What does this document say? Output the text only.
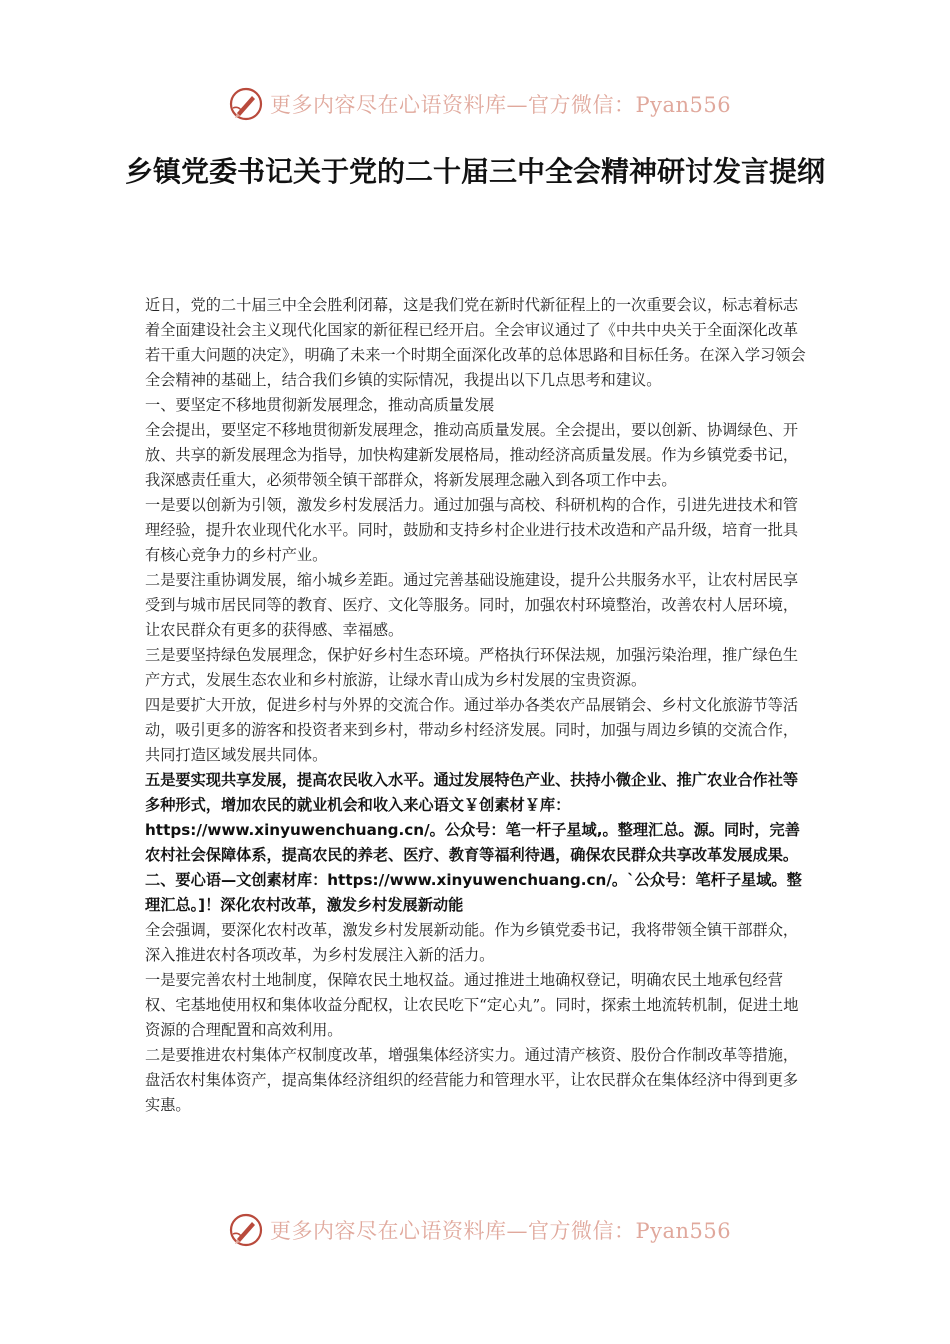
更多内容尽在心语资料库—官方微信：Pyan556
乡镇党委书记关于党的二十届三中全会精神研讨发言提纲

近日，党的二十届三中全会胜利闭幕，这是我们党在新时代新征程上的一次重要会议，标志着标志着全面建设社会主义现代化国家的新征程已经开启。全会审议通过了《中共中央关于全面深化改革若干重大问题的决定》，明确了未来一个时期全面深化改革的总体思路和目标任务。在深入学习领会全会精神的基础上，结合我们乡镇的实际情况，我提出以下几点思考和建议。

一、要坚定不移地贯彻新发展理念，推动高质量发展

全会提出，要坚定不移地贯彻新发展理念，推动高质量发展。全会提出，要以创新、协调绿色、开放、共享的新发展理念为指导，加快构建新发展格局，推动经济高质量发展。作为乡镇党委书记，我深感责任重大，必须带领全镇干部群众，将新发展理念融入到各项工作中去。

一是要以创新为引领，激发乡村发展活力。通过加强与高校、科研机构的合作，引进先进技术和管理经验，提升农业现代化水平。同时，鼓励和支持乡村企业进行技术改造和产品升级，培育一批具有核心竞争力的乡村产业。

二是要注重协调发展，缩小城乡差距。通过完善基础设施建设，提升公共服务水平，让农村居民享受到与城市居民同等的教育、医疗、文化等服务。同时，加强农村环境整治，改善农村人居环境，让农民群众有更多的获得感、幸福感。

三是要坚持绿色发展理念，保护好乡村生态环境。严格执行环保法规，加强污染治理，推广绿色生产方式，发展生态农业和乡村旅游，让绿水青山成为乡村发展的宝贵资源。

四是要扩大开放，促进乡村与外界的交流合作。通过举办各类农产品展销会、乡村文化旅游节等活动，吸引更多的游客和投资者来到乡村，带动乡村经济发展。同时，加强与周边乡镇的交流合作，共同打造区域发展共同体。

五是要实现共享发展，提高农民收入水平。通过发展特色产业、扶持小微企业、推广农业合作社等多种形式，增加农民的就业机会和收入来心语文￥创素材￥库：https://www.xinyuwenchuang.cn/。公众号：笔一杆子星域,。整理汇总。源。同时，完善农村社会保障体系，提高农民的养老、医疗、教育等福利待遇，确保农民群众共享改革发展成果。

二、要心语—文创素材库：https://www.xinyuwenchuang.cn/。`公众号：笔杆子星域。整理汇总。]！深化农村改革，激发乡村发展新动能

全会强调，要深化农村改革，激发乡村发展新动能。作为乡镇党委书记，我将带领全镇干部群众，深入推进农村各项改革，为乡村发展注入新的活力。

一是要完善农村土地制度，保障农民土地权益。通过推进土地确权登记，明确农民土地承包经营权、宅基地使用权和集体收益分配权，让农民吃下“定心丸”。同时，探索土地流转机制，促进土地资源的合理配置和高效利用。

二是要推进农村集体产权制度改革，增强集体经济实力。通过清产核资、股份合作制改革等措施，盘活农村集体资产，提高集体经济组织的经营能力和管理水平，让农民群众在集体经济中得到更多实惠。

更多内容尽在心语资料库—官方微信：Pyan556
